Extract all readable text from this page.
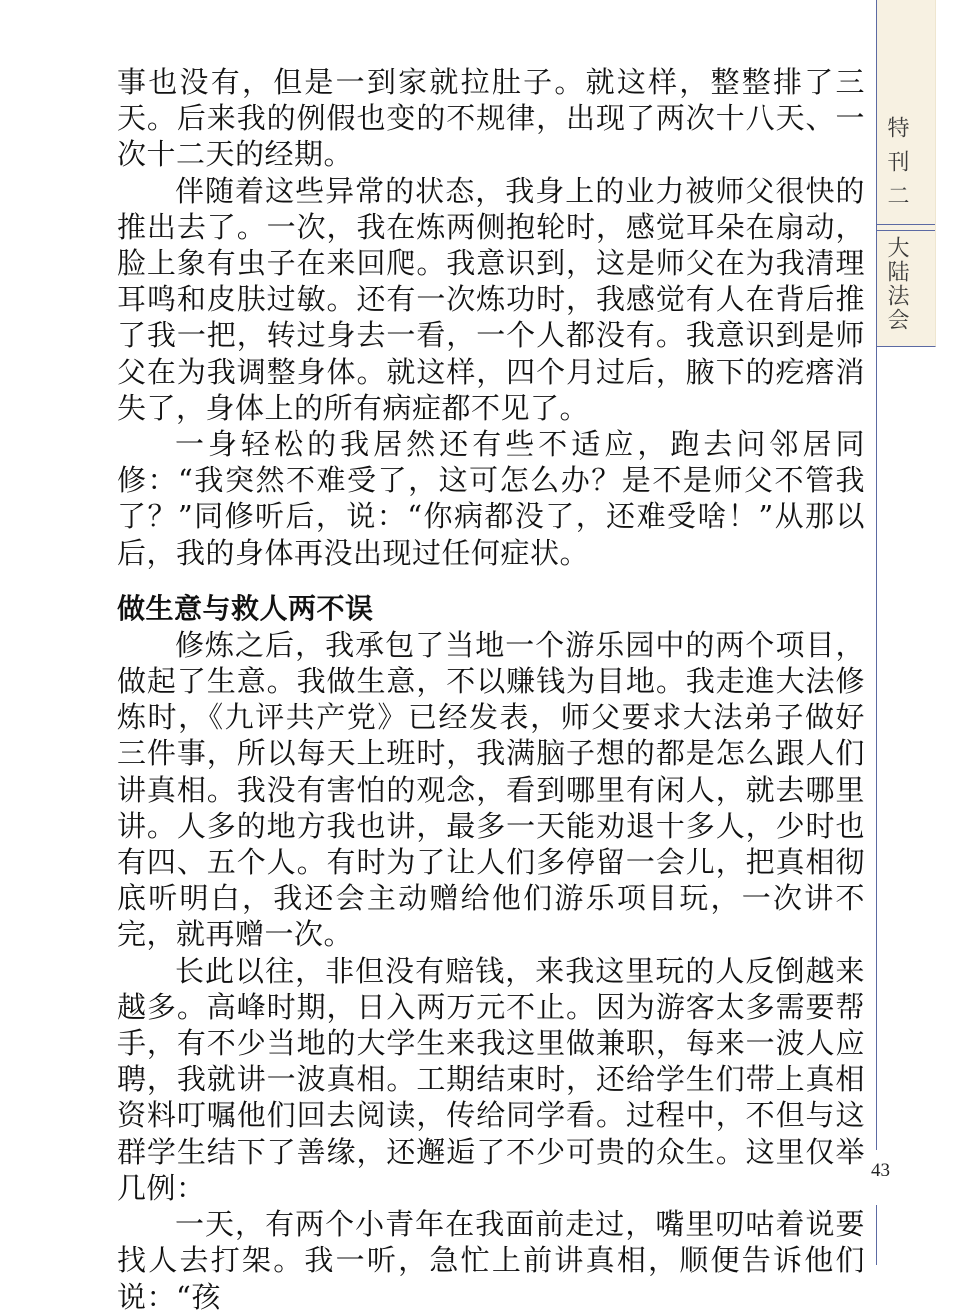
特刊二
大陆法会

事也没有，但是一到家就拉肚子。就这样，整整排了三天。后来我的例假也变的不规律，出现了两次十八天、一次十二天的经期。

伴随着这些异常的状态，我身上的业力被师父很快的推出去了。一次，我在炼两侧抱轮时，感觉耳朵在扇动，脸上象有虫子在来回爬。我意识到，这是师父在为我清理耳鸣和皮肤过敏。还有一次炼功时，我感觉有人在背后推了我一把，转过身去一看，一个人都没有。我意识到是师父在为我调整身体。就这样，四个月过后，腋下的疙瘩消失了，身体上的所有病症都不见了。

一身轻松的我居然还有些不适应，跑去问邻居同修：“我突然不难受了，这可怎么办？是不是师父不管我了？”同修听后，说：“你病都没了，还难受啥！”从那以后，我的身体再没出现过任何症状。

做生意与救人两不误

修炼之后，我承包了当地一个游乐园中的两个项目，做起了生意。我做生意，不以赚钱为目地。我走進大法修炼时，《九评共产党》已经发表，师父要求大法弟子做好三件事，所以每天上班时，我满脑子想的都是怎么跟人们讲真相。我没有害怕的观念，看到哪里有闲人，就去哪里讲。人多的地方我也讲，最多一天能劝退十多人，少时也有四、五个人。有时为了让人们多停留一会儿，把真相彻底听明白，我还会主动赠给他们游乐项目玩，一次讲不完，就再赠一次。

长此以往，非但没有赔钱，来我这里玩的人反倒越来越多。高峰时期，日入两万元不止。因为游客太多需要帮手，有不少当地的大学生来我这里做兼职，每来一波人应聘，我就讲一波真相。工期结束时，还给学生们带上真相资料叮嘱他们回去阅读，传给同学看。过程中，不但与这群学生结下了善缘，还邂逅了不少可贵的众生。这里仅举几例：

一天，有两个小青年在我面前走过，嘴里叨咕着说要找人去打架。我一听，急忙上前讲真相，顺便告诉他们说：“孩

43
